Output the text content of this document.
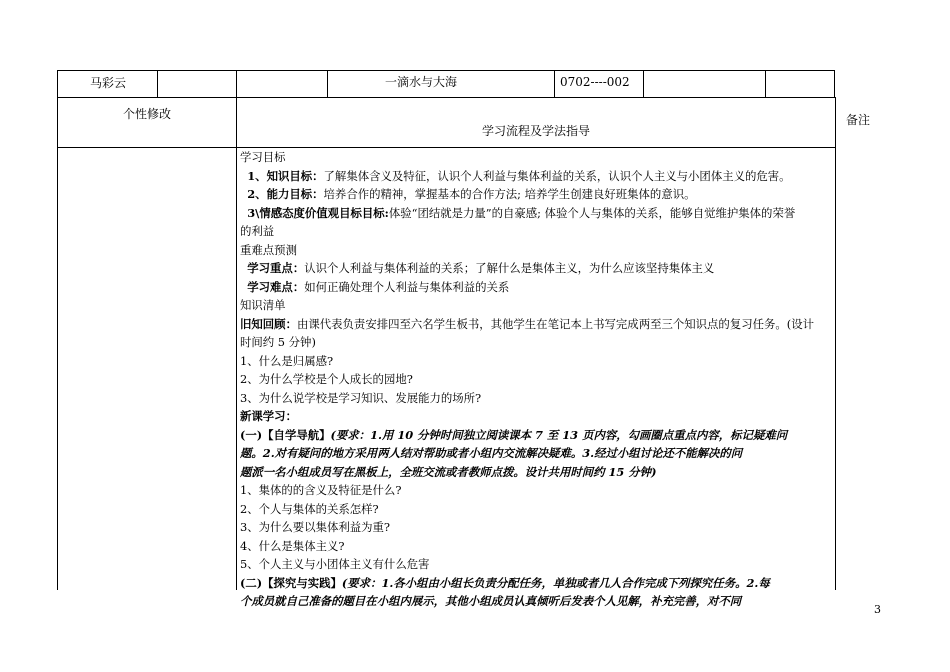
马彩云	一滴水与大海	0702----002
个性修改
学习流程及学法指导
备注
学习目标
1、知识目标：了解集体含义及特征，认识个人利益与集体利益的关系，认识个人主义与小团体主义的危害。
2、能力目标：培养合作的精神，掌握基本的合作方法; 培养学生创建良好班集体的意识。
3\情感态度价值观目标目标:体验“团结就是力量”的自豪感; 体验个人与集体的关系，能够自觉维护集体的荣誉
的利益
重难点预测
学习重点：认识个人利益与集体利益的关系；了解什么是集体主义，为什么应该坚持集体主义
学习难点：如何正确处理个人利益与集体利益的关系
知识清单
旧知回顾：由课代表负责安排四至六名学生板书，其他学生在笔记本上书写完成两至三个知识点的复习任务。(设计
时间约 5 分钟)
1、什么是归属感?
2、为什么学校是个人成长的园地?
3、为什么说学校是学习知识、发展能力的场所?
新课学习：
(一)【自学导航】(要求：1.用 10 分钟时间独立阅读课本 7 至 13 页内容，勾画圈点重点内容，标记疑难问
题。2.对有疑问的地方采用两人结对帮助或者小组内交流解决疑难。3.经过小组讨论还不能解决的问
题派一名小组成员写在黑板上，全班交流或者教师点拨。设计共用时间约 15 分钟)
1、集体的的含义及特征是什么?
2、个人与集体的关系怎样?
3、为什么要以集体利益为重?
4、什么是集体主义?
5、个人主义与小团体主义有什么危害
(二)【探究与实践】(要求：1.各小组由小组长负责分配任务，单独或者几人合作完成下列探究任务。2.每
个成员就自己准备的题目在小组内展示，其他小组成员认真倾听后发表个人见解，补充完善，对不同
3
